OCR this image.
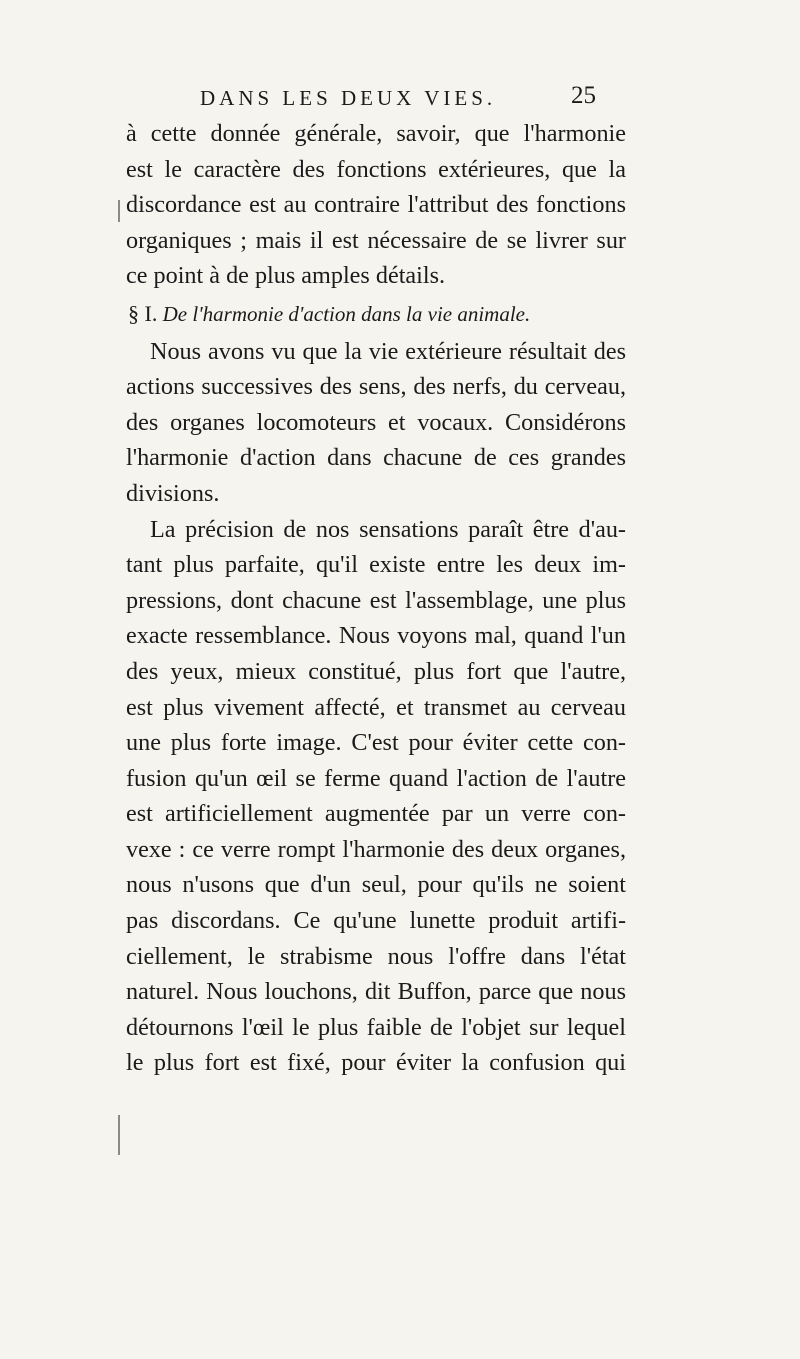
DANS LES DEUX VIES.	25
à cette donnée générale, savoir, que l'harmonie
est le caractère des fonctions extérieures, que la
discordance est au contraire l'attribut des fonctions
organiques ; mais il est nécessaire de se livrer sur
ce point à de plus amples détails.
§ I. De l'harmonie d'action dans la vie animale.
Nous avons vu que la vie extérieure résultait des
actions successives des sens, des nerfs, du cerveau,
des organes locomoteurs et vocaux. Considérons
l'harmonie d'action dans chacune de ces grandes
divisions.
La précision de nos sensations paraît être d'au-
tant plus parfaite, qu'il existe entre les deux im-
pressions, dont chacune est l'assemblage, une plus
exacte ressemblance. Nous voyons mal, quand l'un
des yeux, mieux constitué, plus fort que l'autre,
est plus vivement affecté, et transmet au cerveau
une plus forte image. C'est pour éviter cette con-
fusion qu'un œil se ferme quand l'action de l'autre
est artificiellement augmentée par un verre con-
vexe : ce verre rompt l'harmonie des deux organes,
nous n'usons que d'un seul, pour qu'ils ne soient
pas discordans. Ce qu'une lunette produit artifi-
ciellement, le strabisme nous l'offre dans l'état
naturel. Nous louchons, dit Buffon, parce que nous
détournons l'œil le plus faible de l'objet sur lequel
le plus fort est fixé, pour éviter la confusion qui
